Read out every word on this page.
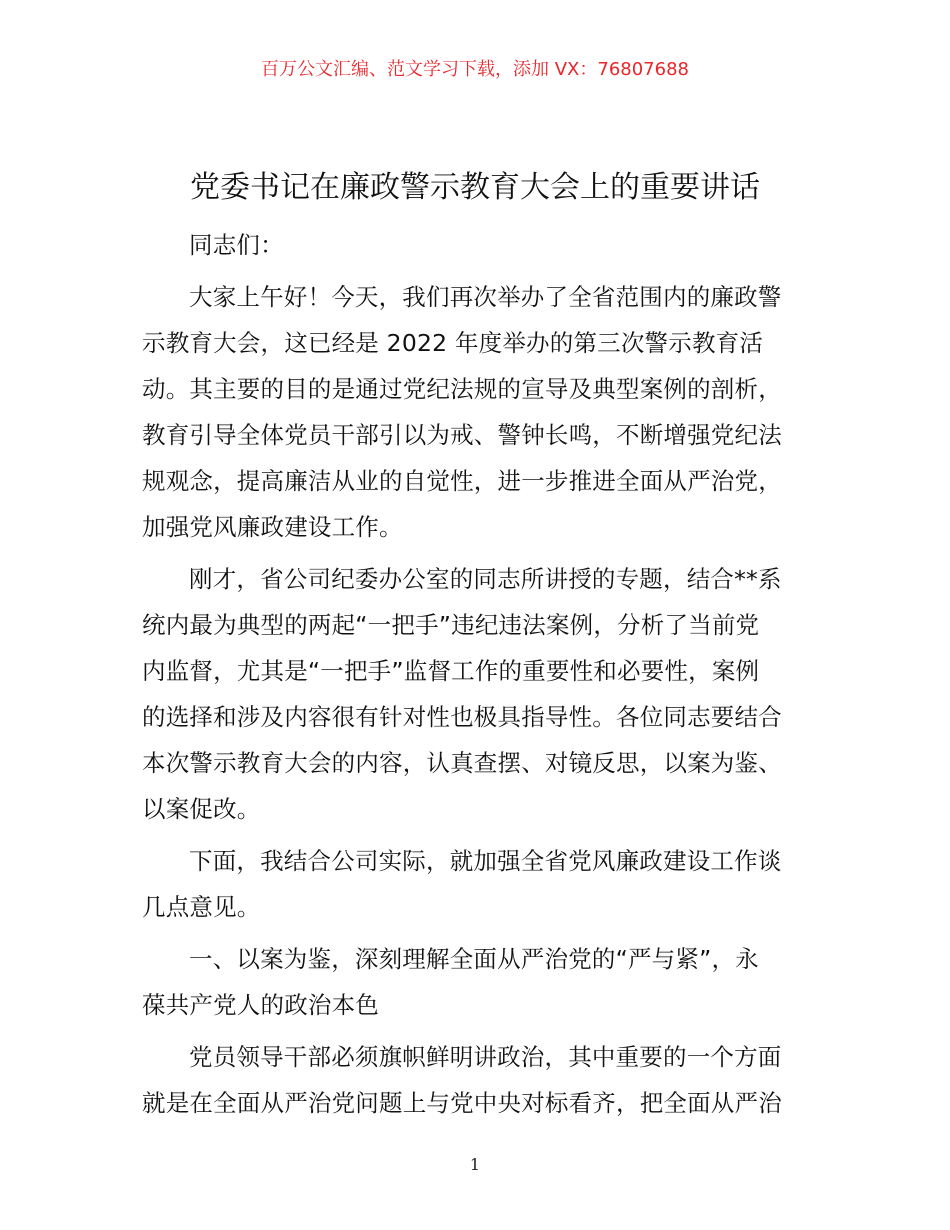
百万公文汇编、范文学习下载，添加 VX：76807688
党委书记在廉政警示教育大会上的重要讲话
同志们：
大家上午好！今天，我们再次举办了全省范围内的廉政警
示教育大会，这已经是 2022 年度举办的第三次警示教育活
动。其主要的目的是通过党纪法规的宣导及典型案例的剖析，
教育引导全体党员干部引以为戒、警钟长鸣，不断增强党纪法
规观念，提高廉洁从业的自觉性，进一步推进全面从严治党，
加强党风廉政建设工作。
刚才，省公司纪委办公室的同志所讲授的专题，结合**系
统内最为典型的两起“一把手”违纪违法案例，分析了当前党
内监督，尤其是“一把手”监督工作的重要性和必要性，案例
的选择和涉及内容很有针对性也极具指导性。各位同志要结合
本次警示教育大会的内容，认真查摆、对镜反思，以案为鉴、
以案促改。
下面，我结合公司实际，就加强全省党风廉政建设工作谈
几点意见。
一、以案为鉴，深刻理解全面从严治党的“严与紧”，永
葆共产党人的政治本色
党员领导干部必须旗帜鲜明讲政治，其中重要的一个方面
就是在全面从严治党问题上与党中央对标看齐，把全面从严治
1
